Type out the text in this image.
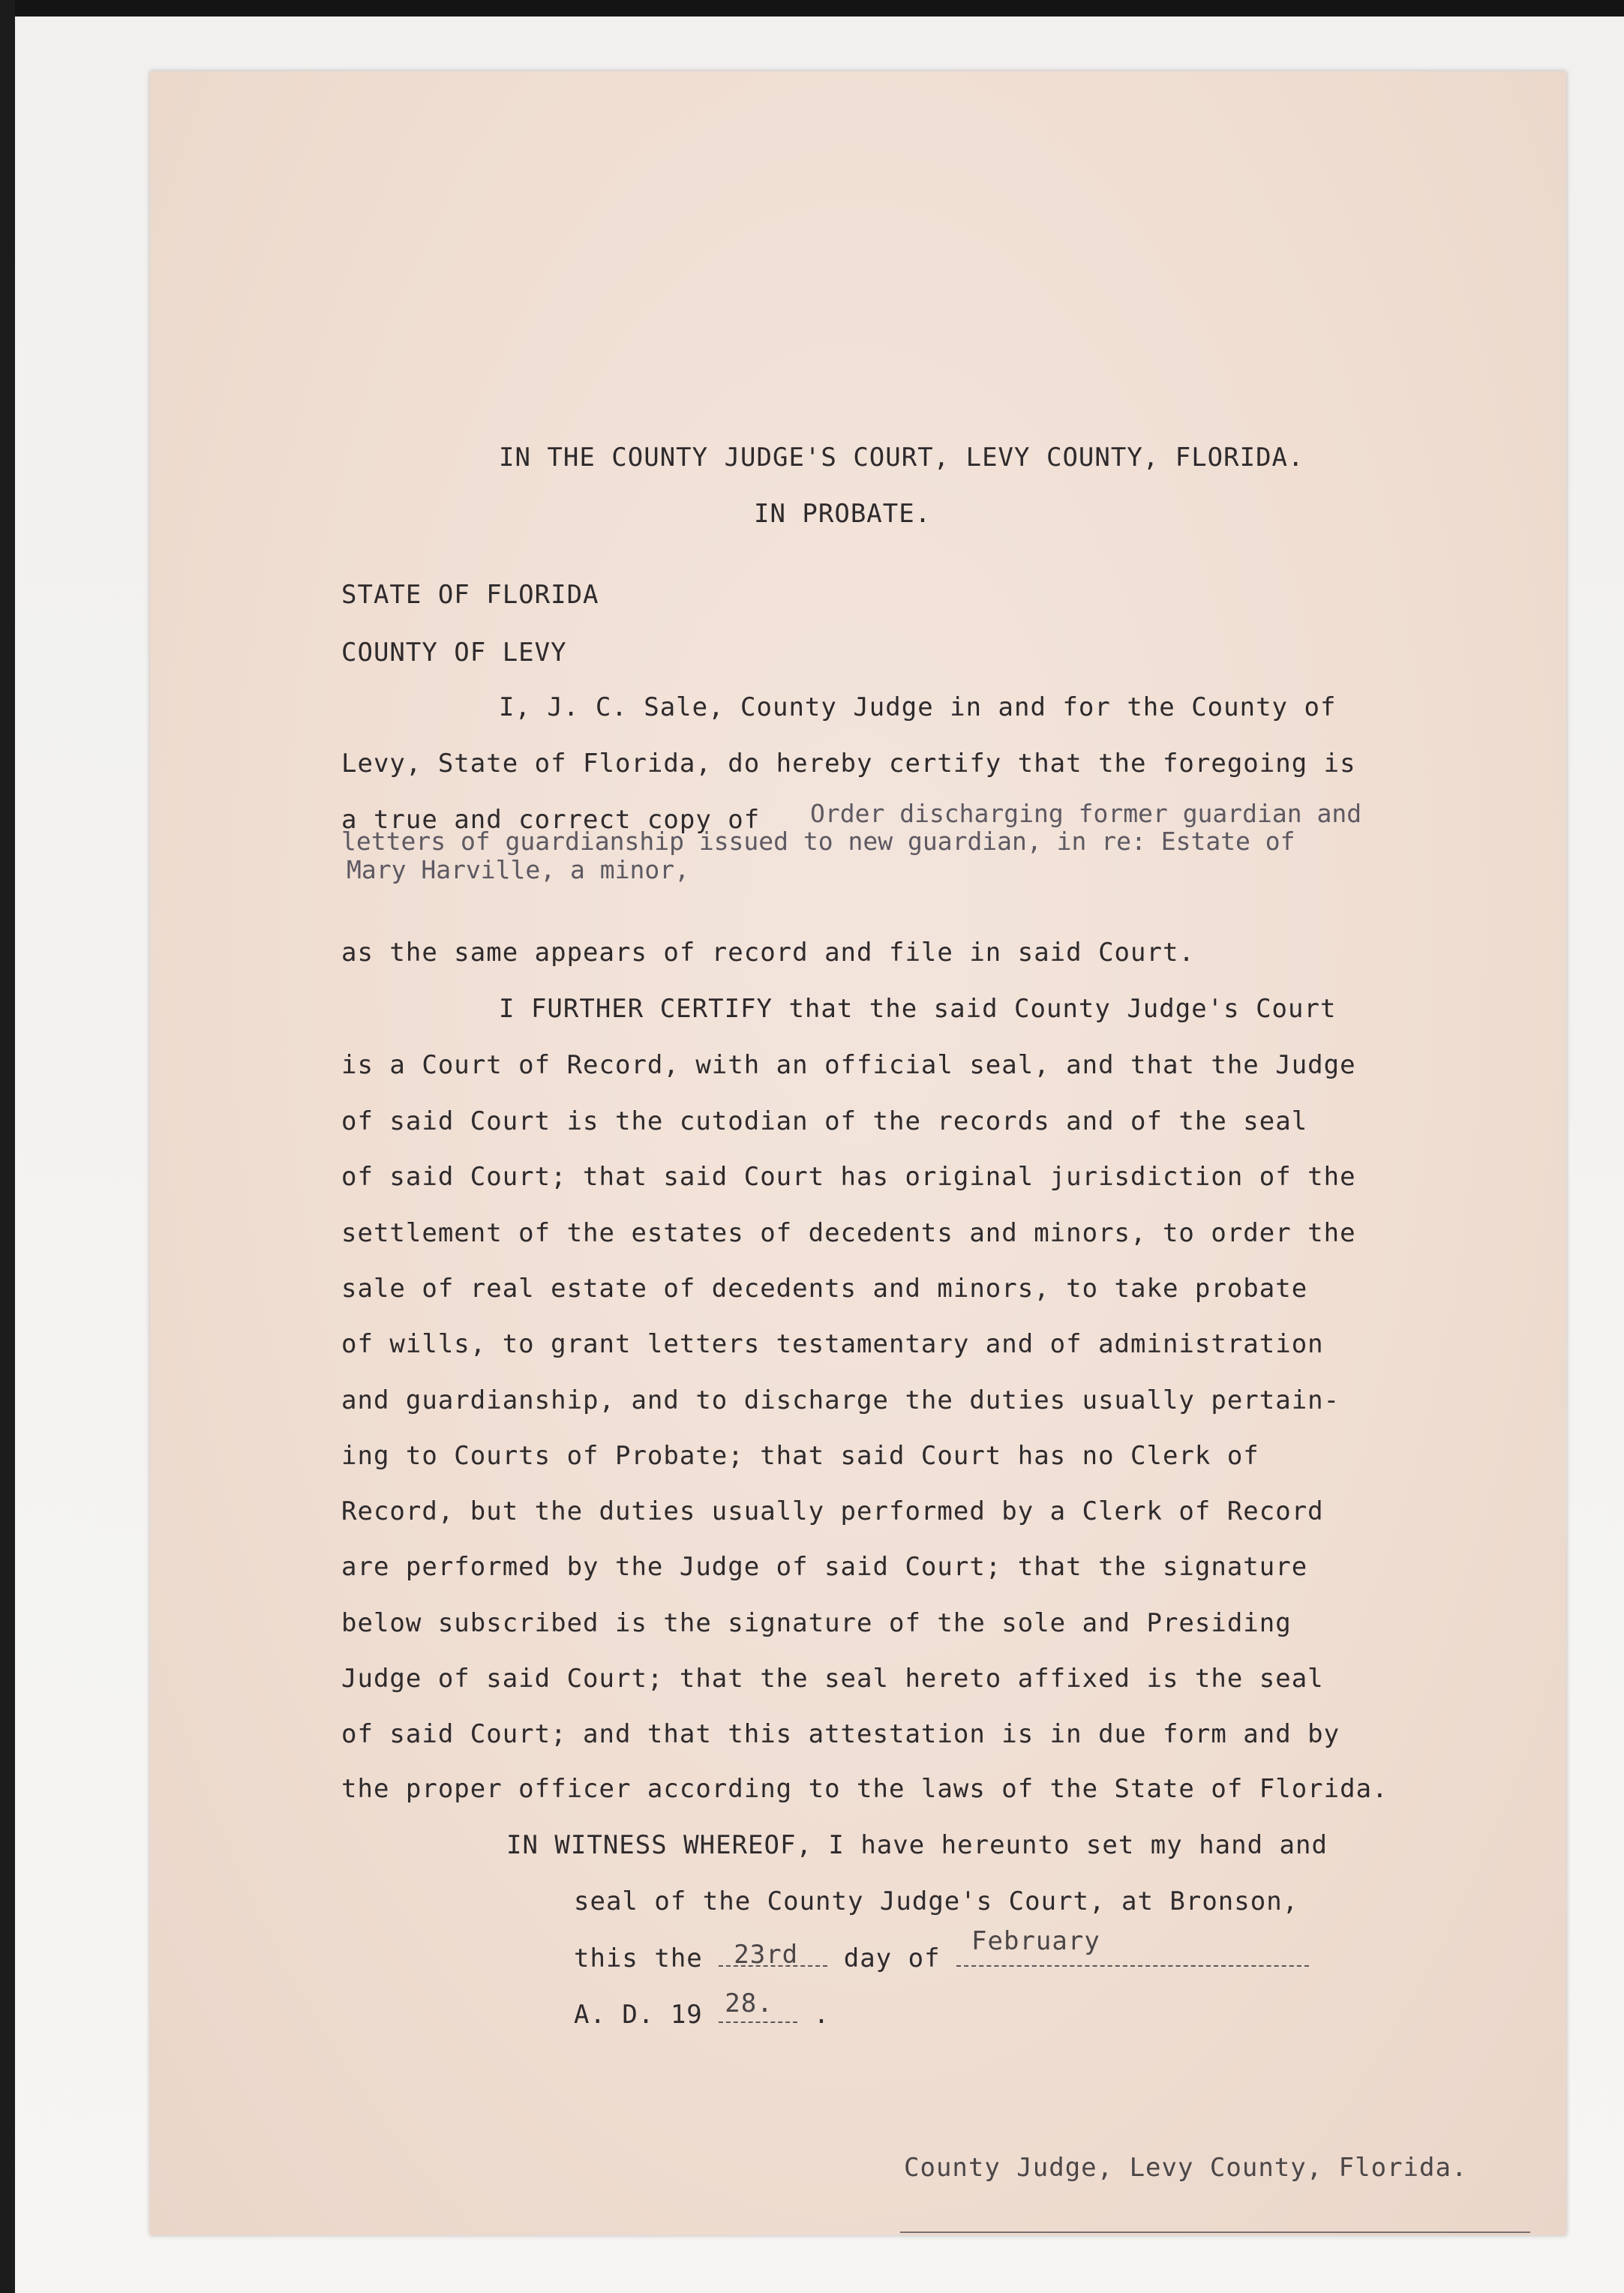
IN THE COUNTY JUDGE'S COURT, LEVY COUNTY, FLORIDA.
IN PROBATE.
STATE OF FLORIDA
COUNTY OF LEVY
I, J. C. Sale, County Judge in and for the County of
Levy, State of Florida, do hereby certify that the foregoing is
a true and correct copy of Order discharging former guardian and
letters of guardianship issued to new guardian, in re: Estate of
Mary Harville, a minor,
as the same appears of record and file in said Court.
I FURTHER CERTIFY that the said County Judge's Court
is a Court of Record, with an official seal, and that the Judge
of said Court is the cutodian of the records and of the seal
of said Court; that said Court has original jurisdiction of the
settlement of the estates of decedents and minors, to order the
sale of real estate of decedents and minors, to take probate
of wills, to grant letters testamentary and of administration
and guardianship, and to discharge the duties usually pertain-
ing to Courts of Probate; that said Court has no Clerk of
Record, but the duties usually performed by a Clerk of Record
are performed by the Judge of said Court; that the signature
below subscribed is the signature of the sole and Presiding
Judge of said Court; that the seal hereto affixed is the seal
of said Court; and that this attestation is in due form and by
the proper officer according to the laws of the State of Florida.
IN WITNESS WHEREOF, I have hereunto set my hand and
seal of the County Judge's Court, at Bronson,
this the 23rd day of
February
A. D. 19 28. .
County Judge, Levy County, Florida.
